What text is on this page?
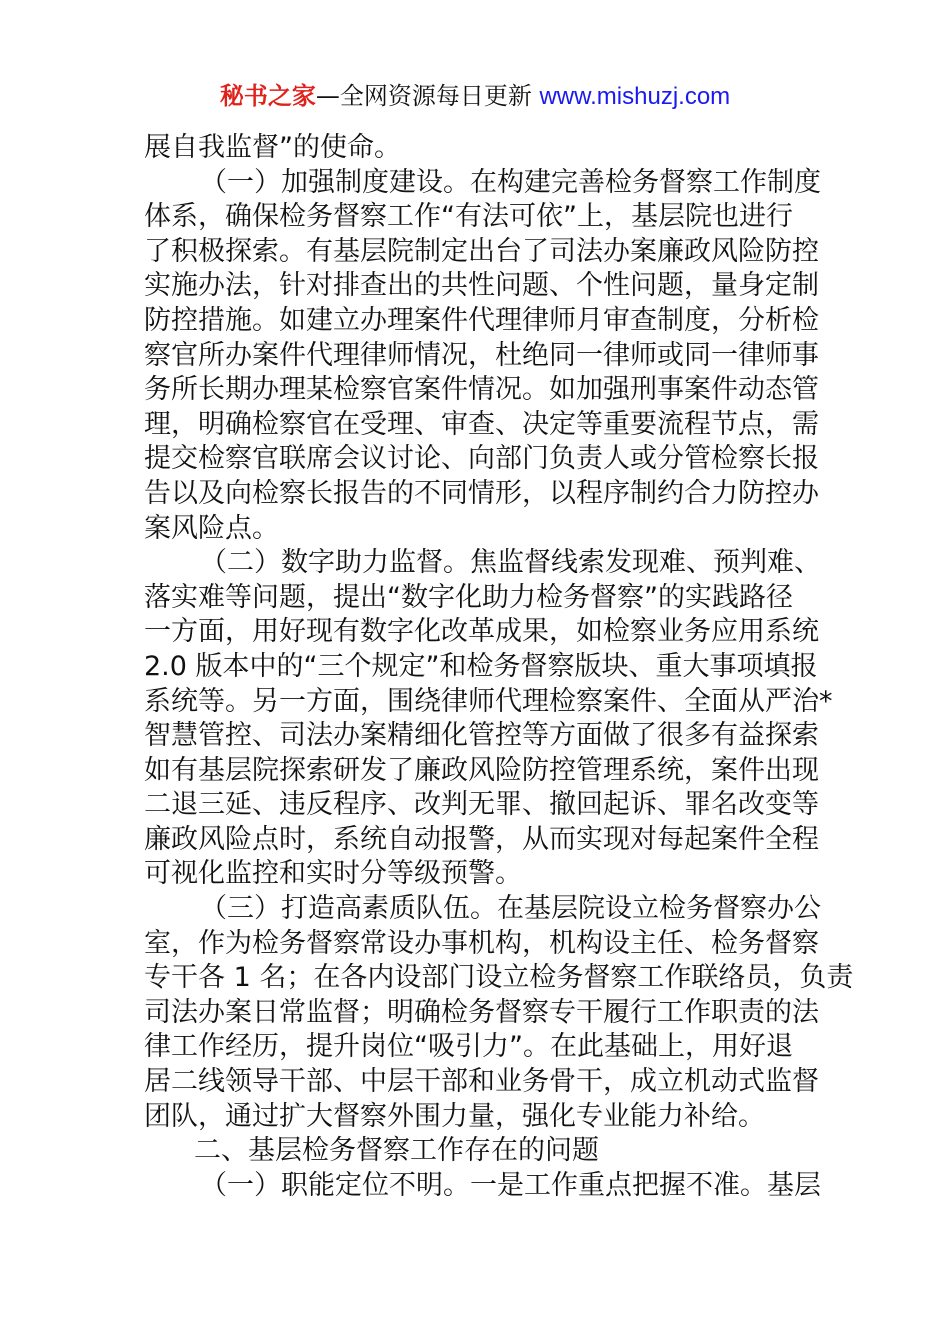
秘书之家—全网资源每日更新 www.mishuzj.com
展自我监督”的使命。
（一）加强制度建设。在构建完善检务督察工作制度
体系，确保检务督察工作“有法可依”上，基层院也进行
了积极探索。有基层院制定出台了司法办案廉政风险防控
实施办法，针对排查出的共性问题、个性问题，量身定制
防控措施。如建立办理案件代理律师月审查制度，分析检
察官所办案件代理律师情况，杜绝同一律师或同一律师事
务所长期办理某检察官案件情况。如加强刑事案件动态管
理，明确检察官在受理、审查、决定等重要流程节点，需
提交检察官联席会议讨论、向部门负责人或分管检察长报
告以及向检察长报告的不同情形，以程序制约合力防控办
案风险点。
（二）数字助力监督。焦监督线索发现难、预判难、
落实难等问题，提出“数字化助力检务督察”的实践路径
一方面，用好现有数字化改革成果，如检察业务应用系统
2.0 版本中的“三个规定”和检务督察版块、重大事项填报
系统等。另一方面，围绕律师代理检察案件、全面从严治*
智慧管控、司法办案精细化管控等方面做了很多有益探索
如有基层院探索研发了廉政风险防控管理系统，案件出现
二退三延、违反程序、改判无罪、撤回起诉、罪名改变等
廉政风险点时，系统自动报警，从而实现对每起案件全程
可视化监控和实时分等级预警。
（三）打造高素质队伍。在基层院设立检务督察办公
室，作为检务督察常设办事机构，机构设主任、检务督察
专干各 1 名；在各内设部门设立检务督察工作联络员，负责
司法办案日常监督；明确检务督察专干履行工作职责的法
律工作经历，提升岗位“吸引力”。在此基础上，用好退
居二线领导干部、中层干部和业务骨干，成立机动式监督
团队，通过扩大督察外围力量，强化专业能力补给。
二、基层检务督察工作存在的问题
（一）职能定位不明。一是工作重点把握不准。基层
